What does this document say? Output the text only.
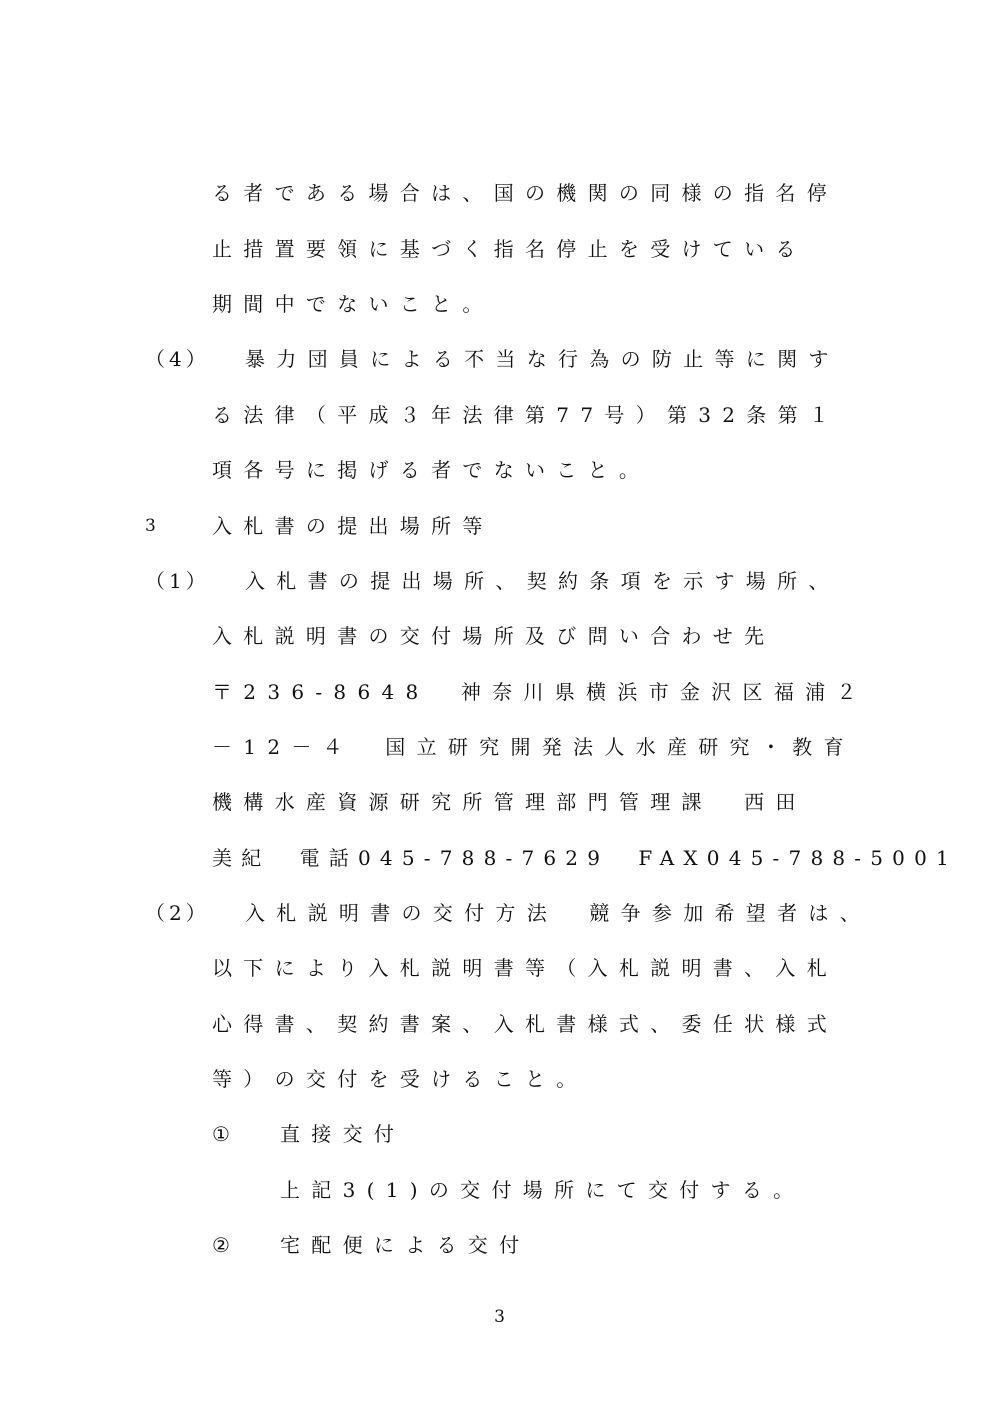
る者である場合は、国の機関の同様の指名停
止措置要領に基づく指名停止を受けている
期間中でないこと。
（4） 暴力団員による不当な行為の防止等に関す
る法律（平成３年法律第77号）第32条第１
項各号に掲げる者でないこと。
3	入札書の提出場所等
（1） 入札書の提出場所、契約条項を示す場所、
入札説明書の交付場所及び問い合わせ先
〒236-8648　神奈川県横浜市金沢区福浦２
－12－４　国立研究開発法人水産研究・教育
機構水産資源研究所管理部門管理課　西田
美紀　電話045-788-7629　FAX045-788-5001
（2） 入札説明書の交付方法　競争参加希望者は、
以下により入札説明書等（入札説明書、入札
心得書、契約書案、入札書様式、委任状様式
等）の交付を受けること。
① 直接交付
上記3(1)の交付場所にて交付する。
② 宅配便による交付
3
